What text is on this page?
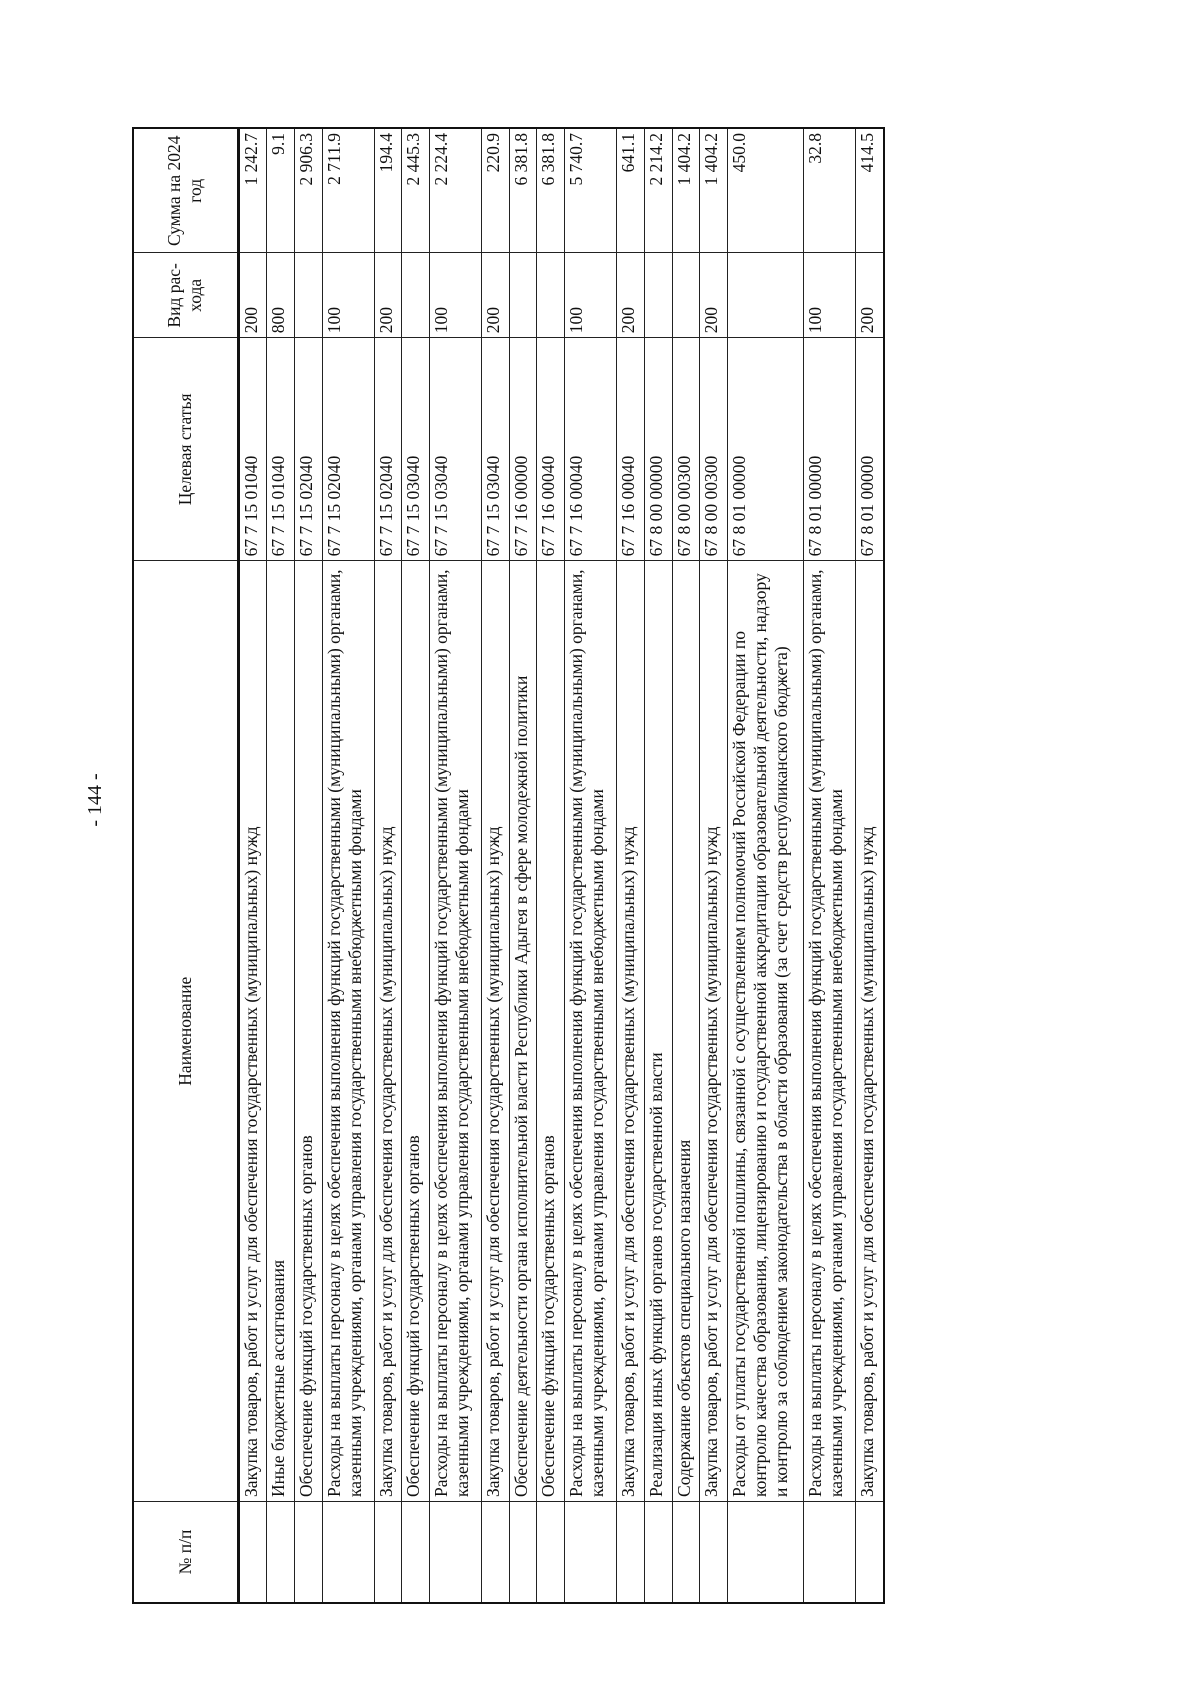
- 144 -
№ п/п	Наименование	Целевая статья	Вид рас-хода	Сумма на 2024 год
	Закупка товаров, работ и услуг для обеспечения государственных (муниципальных) нужд	67 7 15 01040	200	1 242.7
	Иные бюджетные ассигнования	67 7 15 01040	800	9.1
	Обеспечение функций государственных органов	67 7 15 02040		2 906.3
	Расходы на выплаты персоналу в целях обеспечения выполнения функций государственными (муниципальными) органами, казенными учреждениями, органами управления государственными внебюджетными фондами	67 7 15 02040	100	2 711.9
	Закупка товаров, работ и услуг для обеспечения государственных (муниципальных) нужд	67 7 15 02040	200	194.4
	Обеспечение функций государственных органов	67 7 15 03040		2 445.3
	Расходы на выплаты персоналу в целях обеспечения выполнения функций государственными (муниципальными) органами, казенными учреждениями, органами управления государственными внебюджетными фондами	67 7 15 03040	100	2 224.4
	Закупка товаров, работ и услуг для обеспечения государственных (муниципальных) нужд	67 7 15 03040	200	220.9
	Обеспечение деятельности органа исполнительной власти Республики Адыгея в сфере молодежной политики	67 7 16 00000		6 381.8
	Обеспечение функций государственных органов	67 7 16 00040		6 381.8
	Расходы на выплаты персоналу в целях обеспечения выполнения функций государственными (муниципальными) органами, казенными учреждениями, органами управления государственными внебюджетными фондами	67 7 16 00040	100	5 740.7
	Закупка товаров, работ и услуг для обеспечения государственных (муниципальных) нужд	67 7 16 00040	200	641.1
	Реализация иных функций органов государственной власти	67 8 00 00000		2 214.2
	Содержание объектов специального назначения	67 8 00 00300		1 404.2
	Закупка товаров, работ и услуг для обеспечения государственных (муниципальных) нужд	67 8 00 00300	200	1 404.2
	Расходы от уплаты государственной пошлины, связанной с осуществлением полномочий Российской Федерации по контролю качества образования, лицензированию и государственной аккредитации образовательной деятельности, надзору и контролю за соблюдением законодательства в области образования (за счет средств республиканского бюджета)	67 8 01 00000		450.0
	Расходы на выплаты персоналу в целях обеспечения выполнения функций государственными (муниципальными) органами, казенными учреждениями, органами управления государственными внебюджетными фондами	67 8 01 00000	100	32.8
	Закупка товаров, работ и услуг для обеспечения государственных (муниципальных) нужд	67 8 01 00000	200	414.5
